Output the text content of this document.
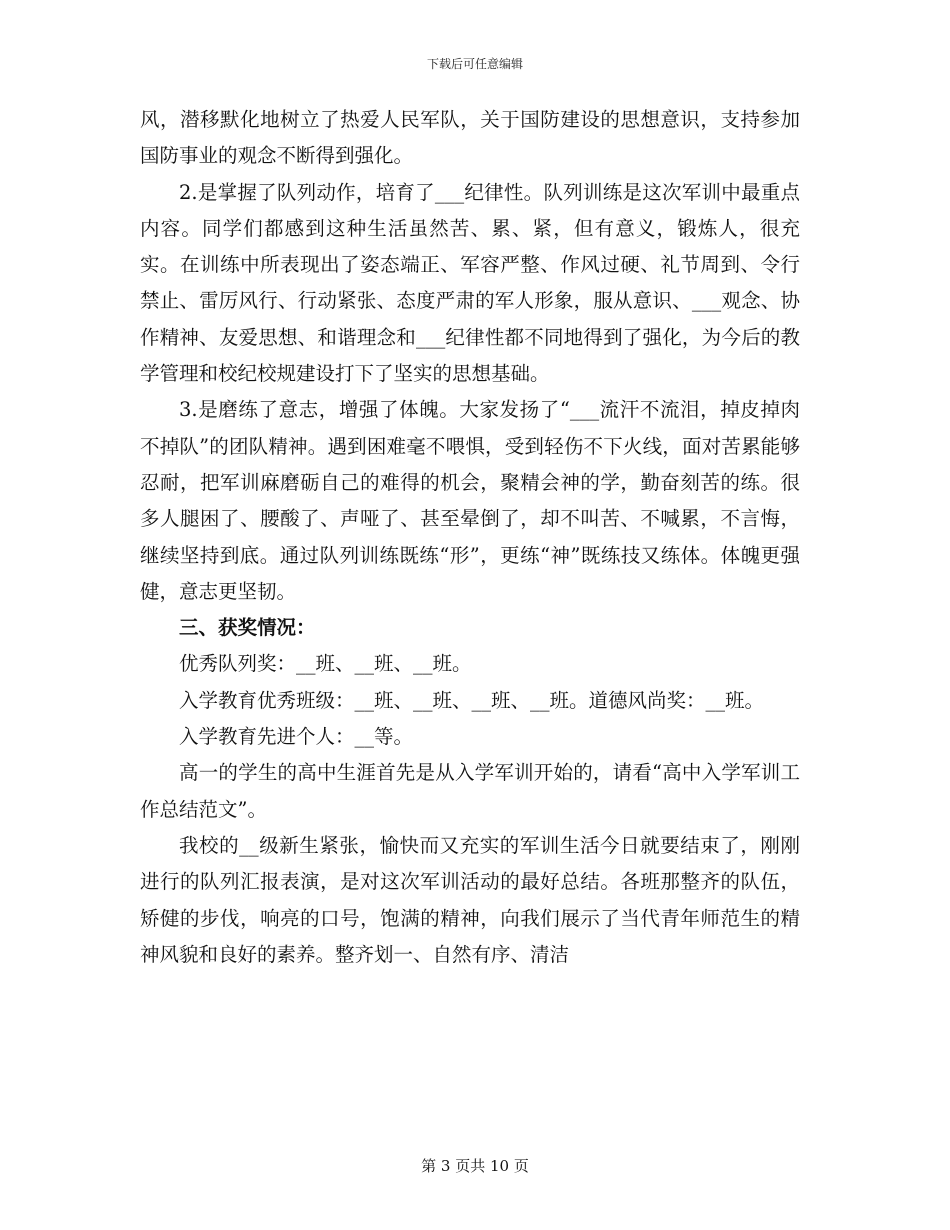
下载后可任意编辑

风，潜移默化地树立了热爱人民军队，关于国防建设的思想意识，支持参加国防事业的观念不断得到强化。

2.是掌握了队列动作，培育了___纪律性。队列训练是这次军训中最重点内容。同学们都感到这种生活虽然苦、累、紧，但有意义，锻炼人，很充实。在训练中所表现出了姿态端正、军容严整、作风过硬、礼节周到、令行禁止、雷厉风行、行动紧张、态度严肃的军人形象，服从意识、___观念、协作精神、友爱思想、和谐理念和___纪律性都不同地得到了强化，为今后的教学管理和校纪校规建设打下了坚实的思想基础。

3.是磨练了意志，增强了体魄。大家发扬了“___流汗不流泪，掉皮掉肉不掉队”的团队精神。遇到困难毫不喂惧，受到轻伤不下火线，面对苦累能够忍耐，把军训麻磨砺自己的难得的机会，聚精会神的学，勤奋刻苦的练。很多人腿困了、腰酸了、声哑了、甚至晕倒了，却不叫苦、不喊累，不言悔，继续坚持到底。通过队列训练既练“形”，更练“神”既练技又练体。体魄更强健，意志更坚韧。

三、获奖情况：

优秀队列奖：__班、__班、__班。

入学教育优秀班级：__班、__班、__班、__班。道德风尚奖：__班。

入学教育先进个人：__等。

高一的学生的高中生涯首先是从入学军训开始的，请看“高中入学军训工作总结范文”。

我校的__级新生紧张，愉快而又充实的军训生活今日就要结束了，刚刚进行的队列汇报表演，是对这次军训活动的最好总结。各班那整齐的队伍，矫健的步伐，响亮的口号，饱满的精神，向我们展示了当代青年师范生的精神风貌和良好的素养。整齐划一、自然有序、清洁

第 3 页共 10 页
